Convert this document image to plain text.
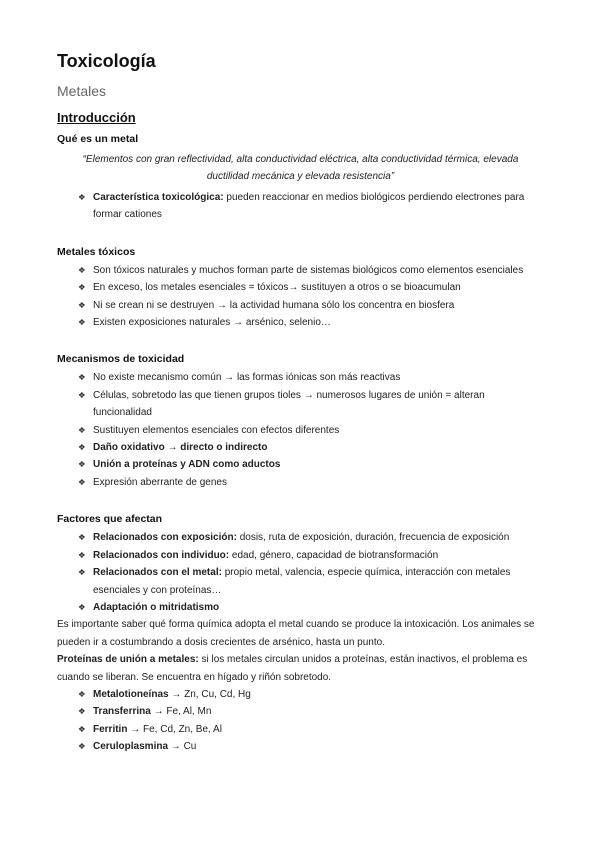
Toxicología
Metales
Introducción
Qué es un metal

“Elementos con gran reflectividad, alta conductividad eléctrica, alta conductividad térmica, elevada ductilidad mecánica y elevada resistencia”

❖ Característica toxicológica: pueden reaccionar en medios biológicos perdiendo electrones para formar cationes
Metales tóxicos
❖ Son tóxicos naturales y muchos forman parte de sistemas biológicos como elementos esenciales
❖ En exceso, los metales esenciales = tóxicos→ sustituyen a otros o se bioacumulan
❖ Ni se crean ni se destruyen → la actividad humana sólo los concentra en biosfera
❖ Existen exposiciones naturales → arsénico, selenio…
Mecanismos de toxicidad
❖ No existe mecanismo común → las formas iónicas son más reactivas
❖ Células, sobretodo las que tienen grupos tioles → numerosos lugares de unión = alteran funcionalidad
❖ Sustituyen elementos esenciales con efectos diferentes
❖ Daño oxidativo → directo o indirecto
❖ Unión a proteínas y ADN como aductos
❖ Expresión aberrante de genes
Factores que afectan
❖ Relacionados con exposición: dosis, ruta de exposición, duración, frecuencia de exposición
❖ Relacionados con individuo: edad, género, capacidad de biotransformación
❖ Relacionados con el metal: propio metal, valencia, especie química, interacción con metales esenciales y con proteínas…
❖ Adaptación o mitridatismo

Es importante saber qué forma química adopta el metal cuando se produce la intoxicación. Los animales se pueden ir a costumbrando a dosis crecientes de arsénico, hasta un punto.

Proteínas de unión a metales: si los metales circulan unidos a proteínas, están inactivos, el problema es cuando se liberan. Se encuentra en hígado y riñón sobretodo.

❖ Metalotioneínas → Zn, Cu, Cd, Hg
❖ Transferrina → Fe, Al, Mn
❖ Ferritin → Fe, Cd, Zn, Be, Al
❖ Ceruloplasmina → Cu
